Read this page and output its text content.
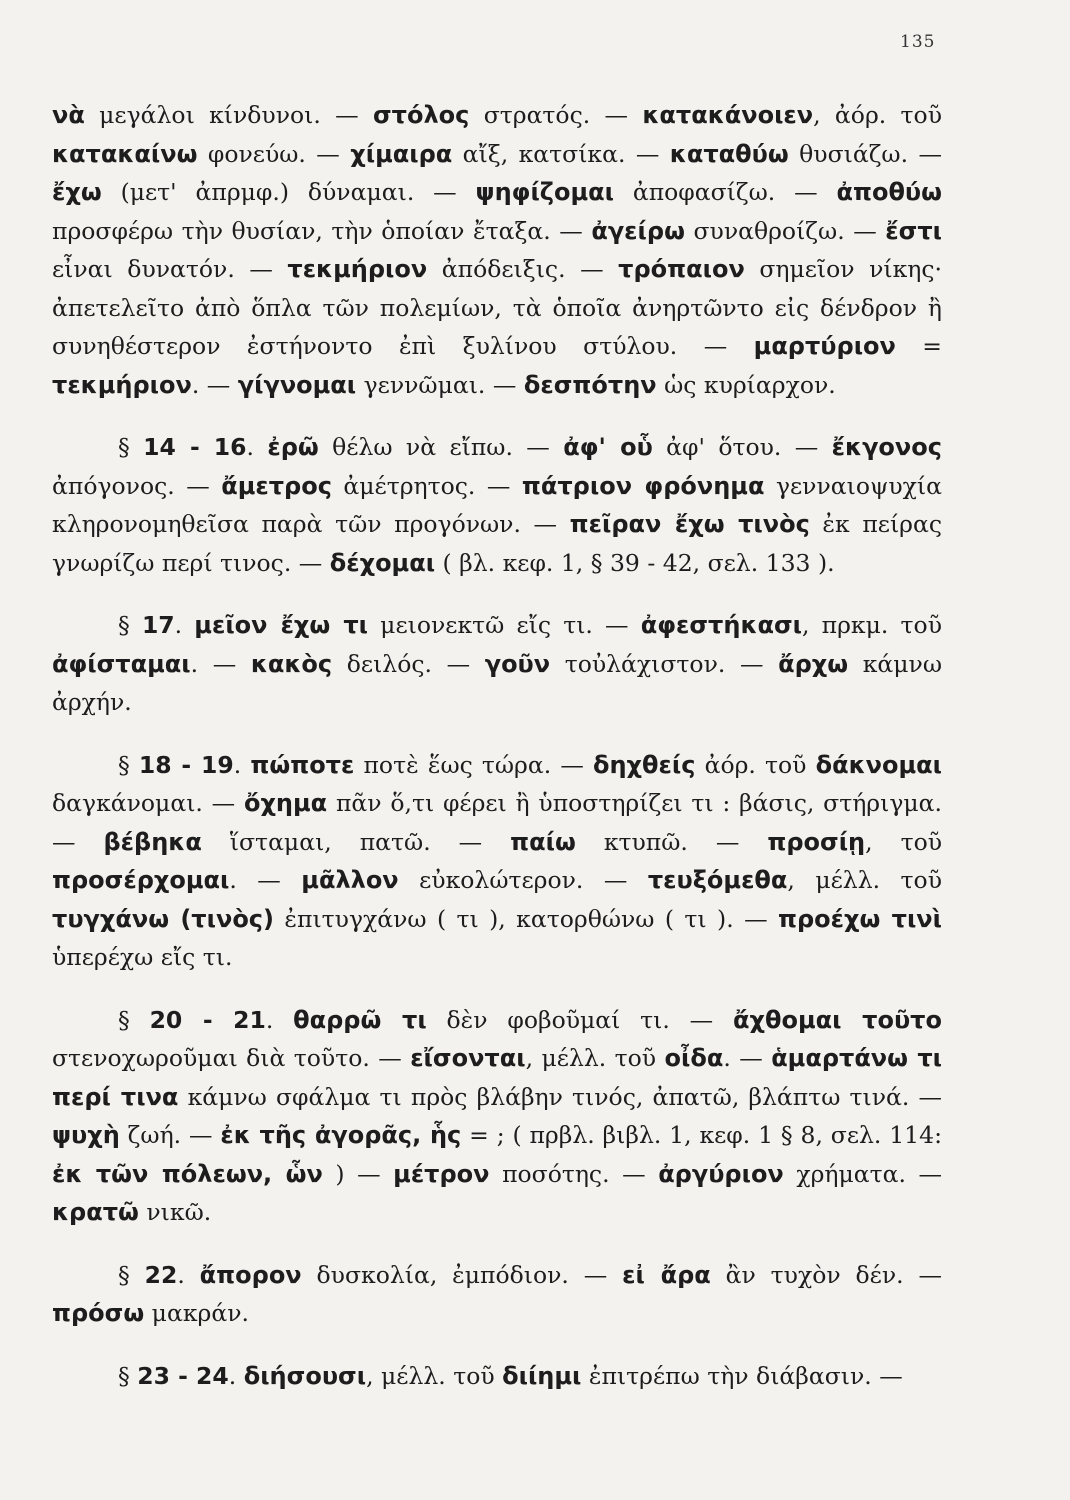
135

νὰ μεγάλοι κίνδυνοι. — στόλος στρατός. — κατακάνοιεν, ἀόρ. τοῦ κατακαίνω φονεύω. — χίμαιρα αἴξ, κατσίκα. — καταθύω θυσιάζω. — ἔχω (μετ' ἀπρμφ.) δύναμαι. — ψηφίζομαι ἀποφασίζω. — ἀποθύω προσφέρω τὴν θυσίαν, τὴν ὁποίαν ἔταξα. — ἀγείρω συναθροίζω. — ἔστι εἶναι δυνατόν. — τεκμήριον ἀπόδειξις. — τρόπαιον σημεῖον νίκης· ἀπετελεῖτο ἀπὸ ὅπλα τῶν πολεμίων, τὰ ὁποῖα ἀνηρτῶντο εἰς δένδρον ἢ συνηθέστερον ἐστήνοντο ἐπὶ ξυλίνου στύλου. — μαρτύριον = τεκμήριον. — γίγνομαι γεννῶμαι. — δεσπότην ὡς κυρίαρχον.

§ 14 - 16. ἐρῶ θέλω νὰ εἴπω. — ἀφ' οὗ ἀφ' ὅτου. — ἔκγονος ἀπόγονος. — ἄμετρος ἀμέτρητος. — πάτριον φρόνημα γενναιοψυχία κληρονομηθεῖσα παρὰ τῶν προγόνων. — πεῖραν ἔχω τινὸς ἐκ πείρας γνωρίζω περί τινος. — δέχομαι ( βλ. κεφ. 1, § 39 - 42, σελ. 133 ).

§ 17. μεῖον ἔχω τι μειονεκτῶ εἴς τι. — ἀφεστήκασι, πρκμ. τοῦ ἀφίσταμαι. — κακὸς δειλός. — γοῦν τοὐλάχιστον. — ἄρχω κάμνω ἀρχήν.

§ 18 - 19. πώποτε ποτὲ ἕως τώρα. — δηχθείς ἀόρ. τοῦ δάκνομαι δαγκάνομαι. — ὄχημα πᾶν ὅ,τι φέρει ἢ ὑποστηρίζει τι : βάσις, στήριγμα. — βέβηκα ἵσταμαι, πατῶ. — παίω κτυπῶ. — προσίῃ, τοῦ προσέρχομαι. — μᾶλλον εὐκολώτερον. — τευξόμεθα, μέλλ. τοῦ τυγχάνω (τινὸς) ἐπιτυγχάνω ( τι ), κατορθώνω ( τι ). — προέχω τινὶ ὑπερέχω εἴς τι.

§ 20 - 21. θαρρῶ τι δὲν φοβοῦμαί τι. — ἄχθομαι τοῦτο στενοχωροῦμαι διὰ τοῦτο. — εἴσονται, μέλλ. τοῦ οἶδα. — ἁμαρτάνω τι περί τινα κάμνω σφάλμα τι πρὸς βλάβην τινός, ἀπατῶ, βλάπτω τινά. — ψυχὴ ζωή. — ἐκ τῆς ἀγορᾶς, ἧς = ; ( πρβλ. βιβλ. 1, κεφ. 1 § 8, σελ. 114: ἐκ τῶν πόλεων, ὧν ) — μέτρον ποσότης. — ἀργύριον χρήματα. — κρατῶ νικῶ.

§ 22. ἄπορον δυσκολία, ἐμπόδιον. — εἰ ἄρα ἂν τυχὸν δέν. — πρόσω μακράν.

§ 23 - 24. διήσουσι, μέλλ. τοῦ διίημι ἐπιτρέπω τὴν διάβασιν. —
